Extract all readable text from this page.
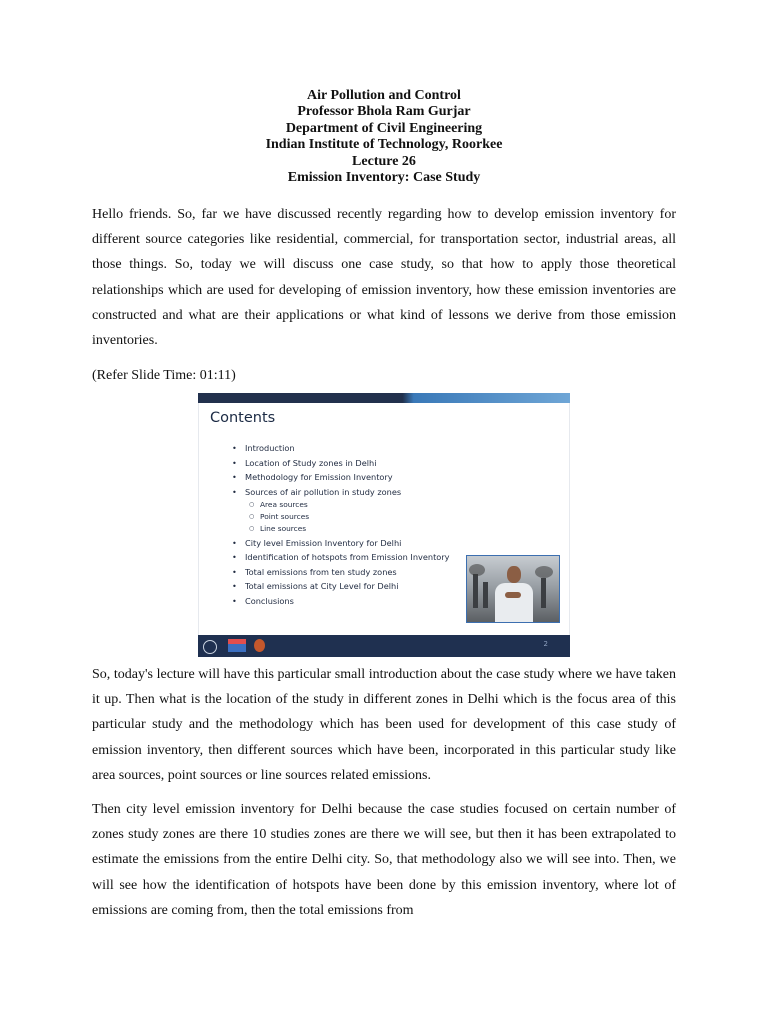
Air Pollution and Control
Professor Bhola Ram Gurjar
Department of Civil Engineering
Indian Institute of Technology, Roorkee
Lecture 26
Emission Inventory: Case Study

Hello friends. So, far we have discussed recently regarding how to develop emission inventory for different source categories like residential, commercial, for transportation sector, industrial areas, all those things. So, today we will discuss one case study, so that how to apply those theoretical relationships which are used for developing of emission inventory, how these emission inventories are constructed and what are their applications or what kind of lessons we derive from those emission inventories.

(Refer Slide Time: 01:11)

Contents
• Introduction
• Location of Study zones in Delhi
• Methodology for Emission Inventory
• Sources of air pollution in study zones
○ Area sources
○ Point sources
○ Line sources
• City level Emission Inventory for Delhi
• Identification of hotspots from Emission Inventory
• Total emissions from ten study zones
• Total emissions at City Level for Delhi
• Conclusions
2

So, today's lecture will have this particular small introduction about the case study where we have taken it up. Then what is the location of the study in different zones in Delhi which is the focus area of this particular study and the methodology which has been used for development of this case study of emission inventory, then different sources which have been, incorporated in this particular study like area sources, point sources or line sources related emissions.

Then city level emission inventory for Delhi because the case studies focused on certain number of zones study zones are there 10 studies zones are there we will see, but then it has been extrapolated to estimate the emissions from the entire Delhi city. So, that methodology also we will see into. Then, we will see how the identification of hotspots have been done by this emission inventory, where lot of emissions are coming from, then the total emissions from
